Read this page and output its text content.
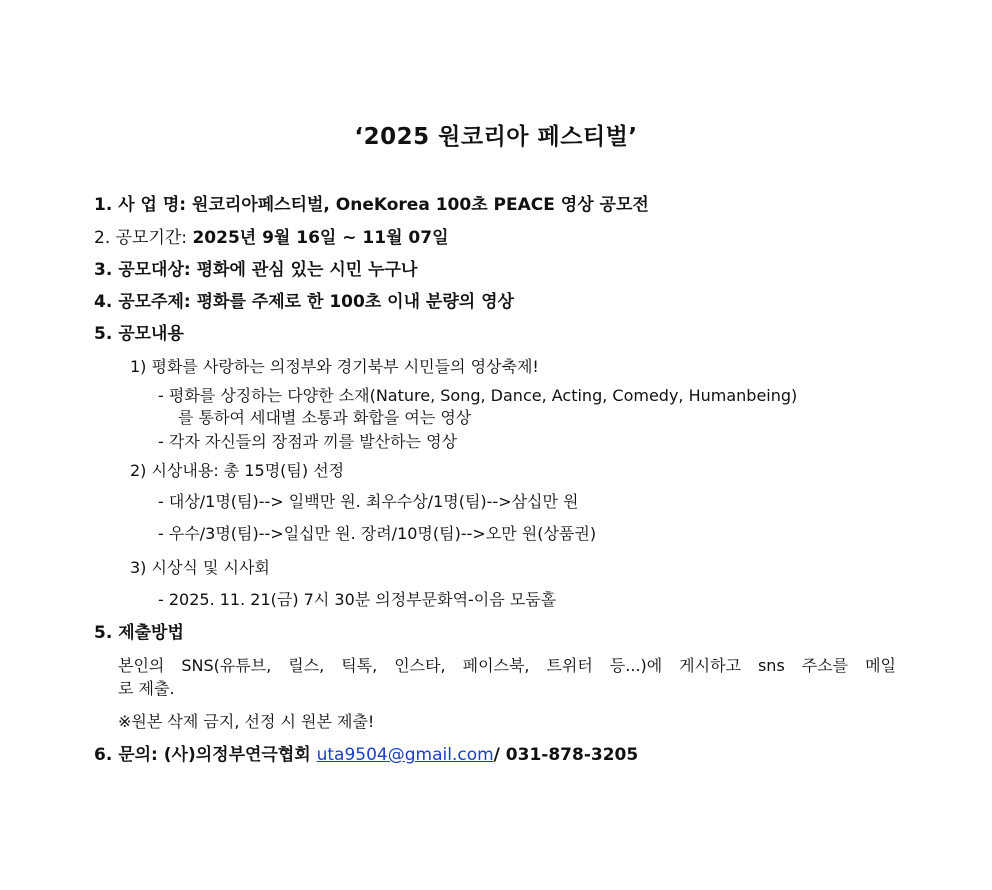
‘2025 원코리아 페스티벌’
1. 사 업 명: 원코리아페스티벌, OneKorea 100초 PEACE 영상 공모전
2. 공모기간: 2025년 9월 16일 ~ 11월 07일
3. 공모대상: 평화에 관심 있는 시민 누구나
4. 공모주제: 평화를 주제로 한 100초 이내 분량의 영상
5. 공모내용
1) 평화를 사랑하는 의정부와 경기북부 시민들의 영상축제!
- 평화를 상징하는 다양한 소재(Nature, Song, Dance, Acting, Comedy, Humanbeing)
를 통하여 세대별 소통과 화합을 여는 영상
- 각자 자신들의 장점과 끼를 발산하는 영상
2) 시상내용: 총 15명(팀) 선정
- 대상/1명(팀)--> 일백만 원. 최우수상/1명(팀)-->삼십만 원
- 우수/3명(팀)-->일십만 원. 장려/10명(팀)-->오만 원(상품권)
3) 시상식 및 시사회
- 2025. 11. 21(금) 7시 30분 의정부문화역-이음 모둠홀
5. 제출방법
본인의 SNS(유튜브, 릴스, 틱톡, 인스타, 페이스북, 트위터 등...)에 게시하고 sns 주소를 메일
로 제출.
※원본 삭제 금지, 선정 시 원본 제출!
6. 문의: (사)의정부연극협회 uta9504@gmail.com/ 031-878-3205
